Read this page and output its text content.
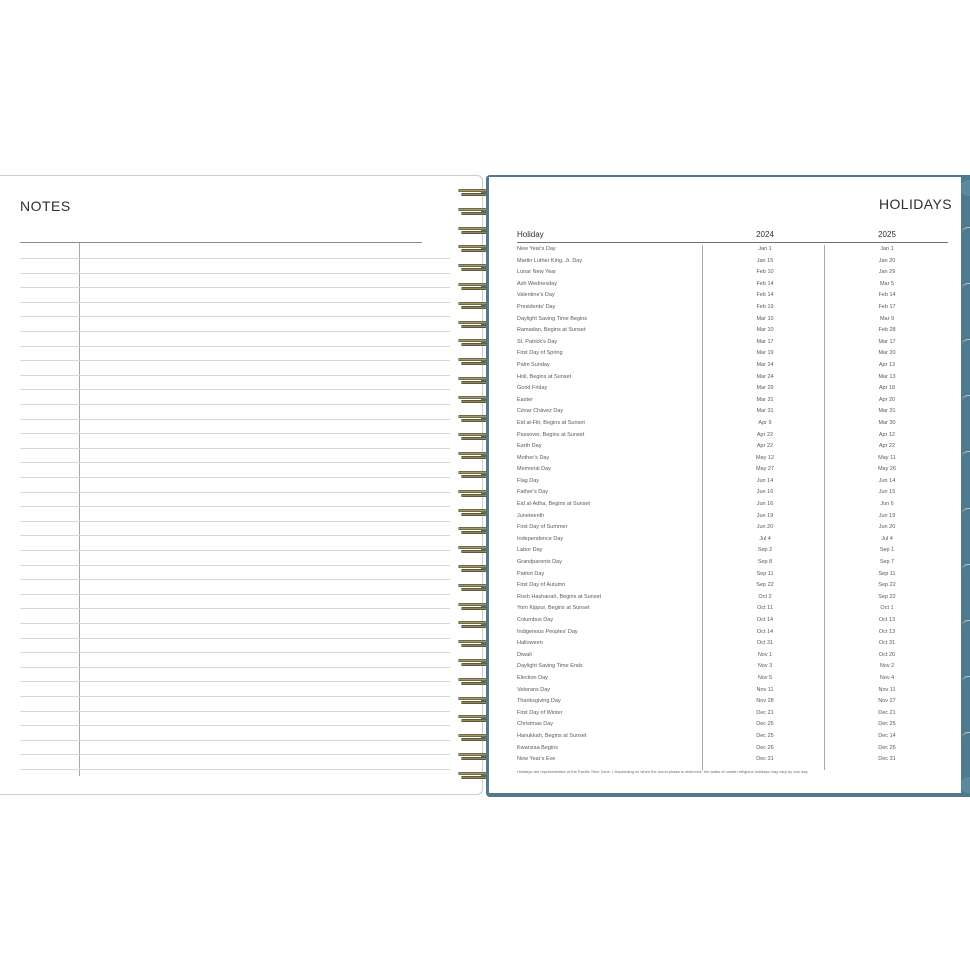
NOTES	HOLIDAYS
Holiday	2024	2025
New Year's Day	Jan 1	Jan 1
Martin Luther King, Jr. Day	Jan 15	Jan 20
Lunar New Year	Feb 10	Jan 29
Ash Wednesday	Feb 14	Mar 5
Valentine's Day	Feb 14	Feb 14
Presidents' Day	Feb 19	Feb 17
Daylight Saving Time Begins	Mar 10	Mar 9
Ramadan, Begins at Sunset	Mar 10	Feb 28
St. Patrick's Day	Mar 17	Mar 17
First Day of Spring	Mar 19	Mar 20
Palm Sunday	Mar 24	Apr 13
Holi, Begins at Sunset	Mar 24	Mar 13
Good Friday	Mar 29	Apr 18
Easter	Mar 31	Apr 20
César Chávez Day	Mar 31	Mar 31
Eid al-Fitr, Begins at Sunset	Apr 9	Mar 30
Passover, Begins at Sunset	Apr 22	Apr 12
Earth Day	Apr 22	Apr 22
Mother's Day	May 12	May 11
Memorial Day	May 27	May 26
Flag Day	Jun 14	Jun 14
Father's Day	Jun 16	Jun 15
Eid al-Adha, Begins at Sunset	Jun 16	Jun 6
Juneteenth	Jun 19	Jun 19
First Day of Summer	Jun 20	Jun 20
Independence Day	Jul 4	Jul 4
Labor Day	Sep 2	Sep 1
Grandparents Day	Sep 8	Sep 7
Patriot Day	Sep 11	Sep 11
First Day of Autumn	Sep 22	Sep 22
Rosh Hashanah, Begins at Sunset	Oct 2	Sep 22
Yom Kippur, Begins at Sunset	Oct 11	Oct 1
Columbus Day	Oct 14	Oct 13
Indigenous Peoples' Day	Oct 14	Oct 13
Halloween	Oct 31	Oct 31
Diwali	Nov 1	Oct 20
Daylight Saving Time Ends	Nov 3	Nov 2
Election Day	Nov 5	Nov 4
Veterans Day	Nov 11	Nov 11
Thanksgiving Day	Nov 28	Nov 27
First Day of Winter	Dec 21	Dec 21
Christmas Day	Dec 25	Dec 25
Hanukkah, Begins at Sunset	Dec 25	Dec 14
Kwanzaa Begins	Dec 26	Dec 26
New Year's Eve	Dec 31	Dec 31
Holidays are representative of the Pacific Time Zone. • Depending on when the moon phase is observed, the dates of certain religious holidays may vary by one day.
